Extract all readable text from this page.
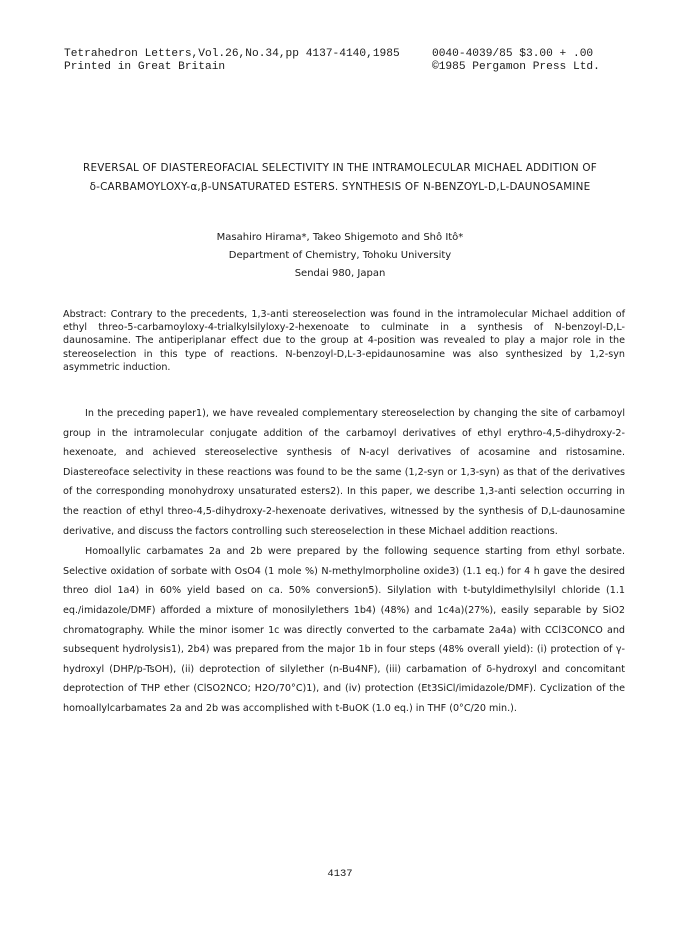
Tetrahedron Letters,Vol.26,No.34,pp 4137-4140,1985
Printed in Great Britain
0040-4039/85 $3.00 + .00
©1985 Pergamon Press Ltd.
REVERSAL OF DIASTEREOFACIAL SELECTIVITY IN THE INTRAMOLECULAR MICHAEL ADDITION OF
δ-CARBAMOYLOXY-α,β-UNSATURATED ESTERS. SYNTHESIS OF N-BENZOYL-D,L-DAUNOSAMINE
Masahiro Hirama*, Takeo Shigemoto and Shô Itô*
Department of Chemistry, Tohoku University
Sendai 980, Japan
Abstract: Contrary to the precedents, 1,3-anti stereoselection was found in the intramolecular Michael addition of ethyl threo-5-carbamoyloxy-4-trialkylsilyloxy-2-hexenoate to culminate in a synthesis of N-benzoyl-D,L-daunosamine. The antiperiplanar effect due to the group at 4-position was revealed to play a major role in the stereoselection in this type of reactions. N-benzoyl-D,L-3-epidaunosamine was also synthesized by 1,2-syn asymmetric induction.

In the preceding paper1), we have revealed complementary stereoselection by changing the site of carbamoyl group in the intramolecular conjugate addition of the carbamoyl derivatives of ethyl erythro-4,5-dihydroxy-2-hexenoate, and achieved stereoselective synthesis of N-acyl derivatives of acosamine and ristosamine. Diastereoface selectivity in these reactions was found to be the same (1,2-syn or 1,3-syn) as that of the derivatives of the corresponding monohydroxy unsaturated esters2). In this paper, we describe 1,3-anti selection occurring in the reaction of ethyl threo-4,5-dihydroxy-2-hexenoate derivatives, witnessed by the synthesis of D,L-daunosamine derivative, and discuss the factors controlling such stereoselection in these Michael addition reactions.

Homoallylic carbamates 2a and 2b were prepared by the following sequence starting from ethyl sorbate. Selective oxidation of sorbate with OsO4 (1 mole %) N-methylmorpholine oxide3) (1.1 eq.) for 4 h gave the desired threo diol 1a4) in 60% yield based on ca. 50% conversion5). Silylation with t-butyldimethylsilyl chloride (1.1 eq./imidazole/DMF) afforded a mixture of monosilylethers 1b4) (48%) and 1c4a)(27%), easily separable by SiO2 chromatography. While the minor isomer 1c was directly converted to the carbamate 2a4a) with CCl3CONCO and subsequent hydrolysis1), 2b4) was prepared from the major 1b in four steps (48% overall yield): (i) protection of γ-hydroxyl (DHP/p-TsOH), (ii) deprotection of silylether (n-Bu4NF), (iii) carbamation of δ-hydroxyl and concomitant deprotection of THP ether (ClSO2NCO; H2O/70°C)1), and (iv) protection (Et3SiCl/imidazole/DMF). Cyclization of the homoallylcarbamates 2a and 2b was accomplished with t-BuOK (1.0 eq.) in THF (0°C/20 min.).

4137
